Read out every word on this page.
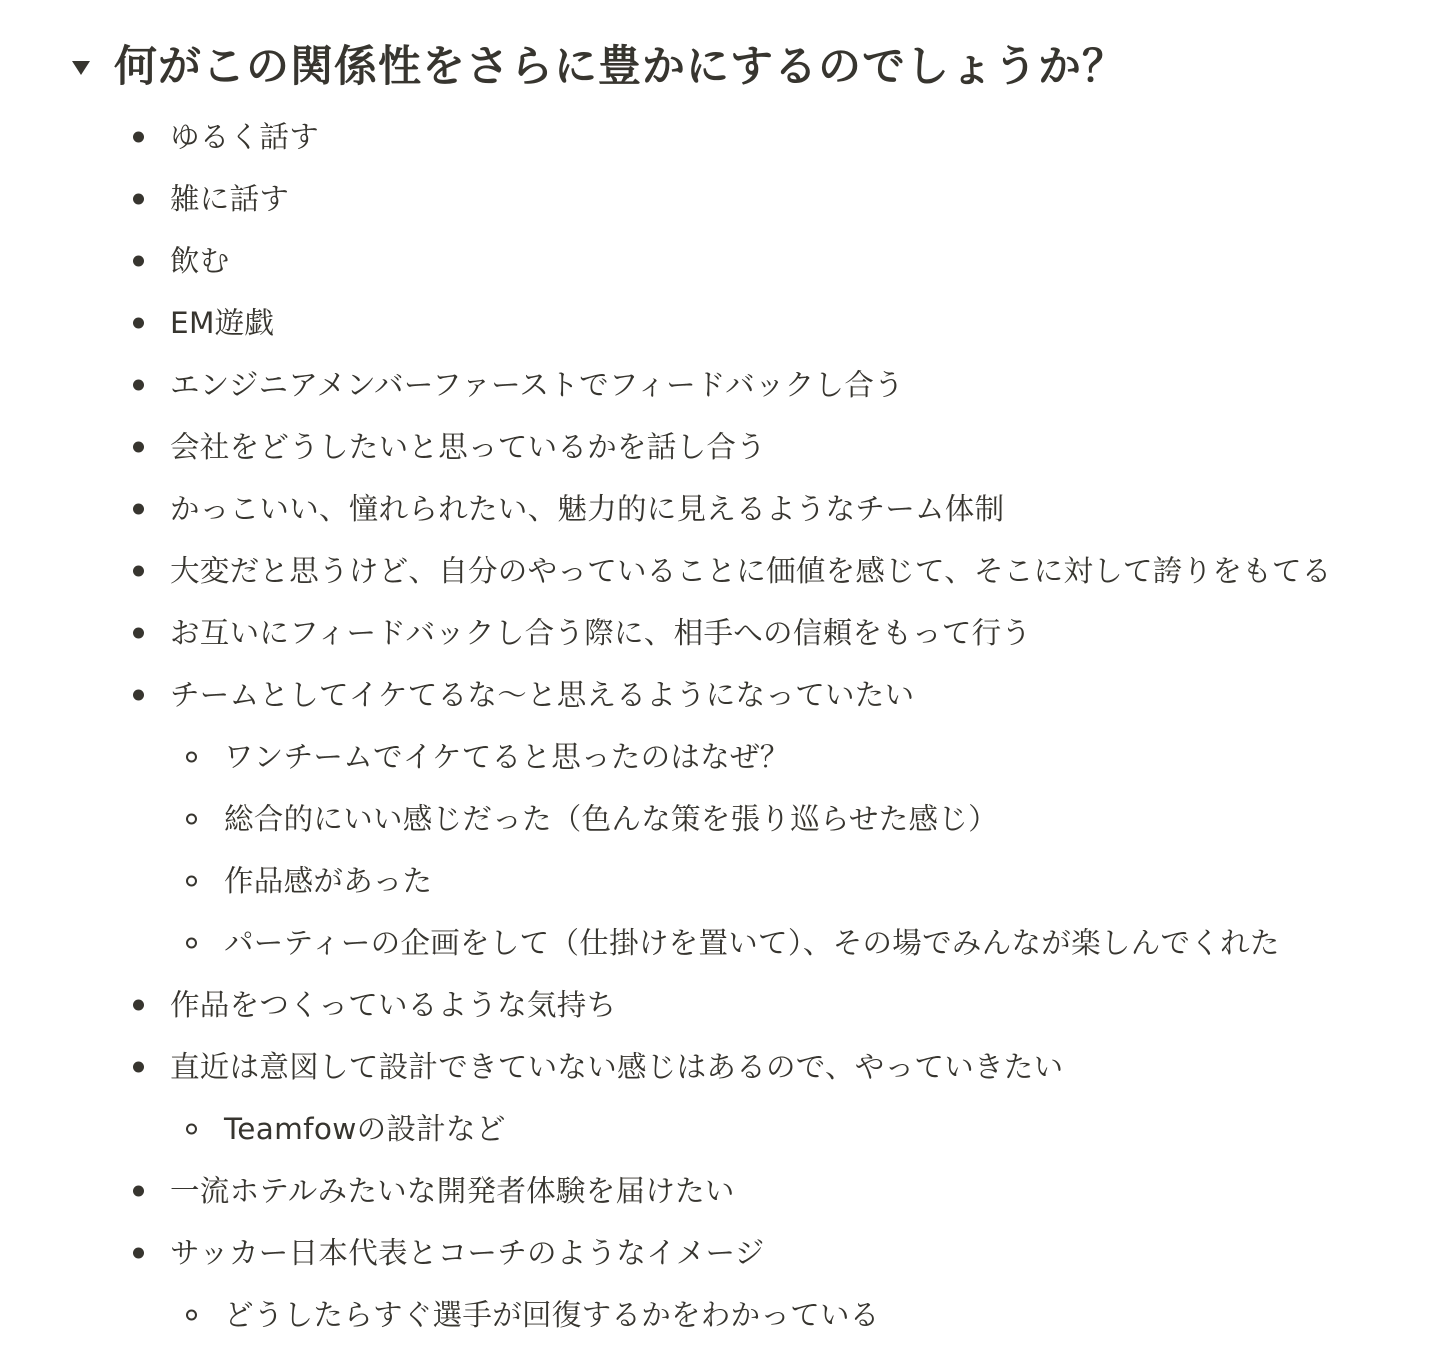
何がこの関係性をさらに豊かにするのでしょうか？
ゆるく話す
雑に話す
飲む
EM遊戯
エンジニアメンバーファーストでフィードバックし合う
会社をどうしたいと思っているかを話し合う
かっこいい、憧れられたい、魅力的に見えるようなチーム体制
大変だと思うけど、自分のやっていることに価値を感じて、そこに対して誇りをもてる
お互いにフィードバックし合う際に、相手への信頼をもって行う
チームとしてイケてるな〜と思えるようになっていたい
ワンチームでイケてると思ったのはなぜ？
総合的にいい感じだった（色んな策を張り巡らせた感じ）
作品感があった
パーティーの企画をして（仕掛けを置いて）、その場でみんなが楽しんでくれた
作品をつくっているような気持ち
直近は意図して設計できていない感じはあるので、やっていきたい
Teamfowの設計など
一流ホテルみたいな開発者体験を届けたい
サッカー日本代表とコーチのようなイメージ
どうしたらすぐ選手が回復するかをわかっている
